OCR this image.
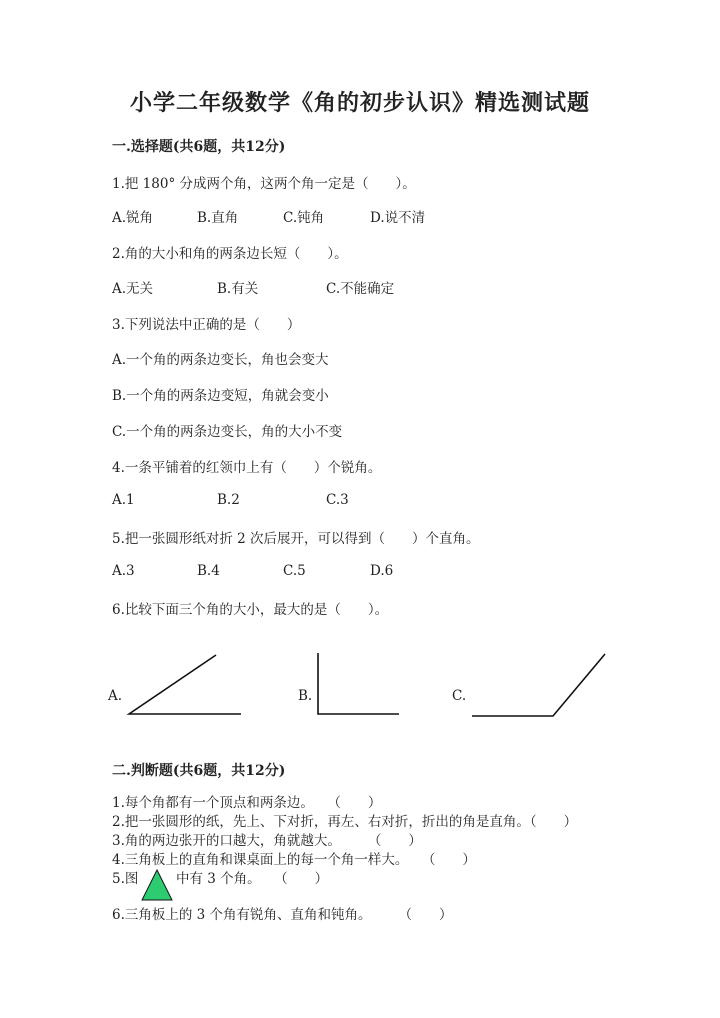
小学二年级数学《角的初步认识》精选测试题
一.选择题(共6题，共12分)
1.把 180° 分成两个角，这两个角一定是（　　）。
A.锐角	B.直角	C.钝角	D.说不清
2.角的大小和角的两条边长短（　　）。
A.无关	B.有关	C.不能确定
3.下列说法中正确的是（　　）
A.一个角的两条边变长，角也会变大
B.一个角的两条边变短，角就会变小
C.一个角的两条边变长，角的大小不变
4.一条平铺着的红领巾上有（　　）个锐角。
A.1	B.2	C.3
5.把一张圆形纸对折 2 次后展开，可以得到（　　）个直角。
A.3	B.4	C.5	D.6
6.比较下面三个角的大小，最大的是（　　）。
A.	B.	C.
二.判断题(共6题，共12分)
1.每个角都有一个顶点和两条边。　　（　　）
2.把一张圆形的纸，先上、下对折，再左、右对折，折出的角是直角。（　　）
3.角的两边张开的口越大，角就越大。　　　（　　）
4.三角板上的直角和课桌面上的每一个角一样大。　　（　　）
5.图	中有 3 个角。　　（　　）
6.三角板上的 3 个角有锐角、直角和钝角。　　　（　　）
